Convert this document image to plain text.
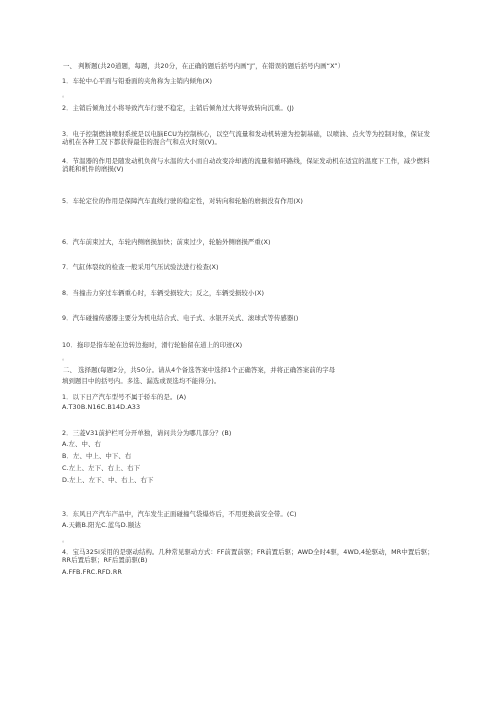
一、 判断题(共20道题，每题，共20分，在正确的题后括号内画“J”，在错误的题后括号内画“X”）
1．车轮中心平面与铅垂面的夹角称为主销内倾角(X)
。
2．主销后倾角过小将导致汽车行驶不稳定，主销后倾角过大将导致转向沉重。(J)
3．电子控制燃油喷射系统是以电脑ECU为控制核心，以空气流量和发动机转速为控制基础，以喷油、点火等为控制对象，保证发动机在各种工况下都获得最佳的混合气和点火时刻(V)。
4．节温器的作用是随发动机负荷与水温的大小而自动改变冷却液的流量和循环路线，保证发动机在适宜的温度下工作，减少燃料消耗和机件的磨损(V)
5．车轮定位的作用是保障汽车直线行驶的稳定性，对转向和轮胎的磨损没有作用(X)
6．汽车前束过大，车轮内侧磨损加快；前束过少，轮胎外侧磨损严重(X)
7．气缸体裂纹的检查一般采用气压试验法进行检查(X)
8．当撞击力穿过车辆重心时，车辆受损较大；反之，车辆受损较小(X)
9．汽车碰撞传感器主要分为机电结合式、电子式、水银开关式、滚球式等传感器()
10．拖印是指车轮在边转边拖时，滑行轮胎留在道上的印迹(X)
。
二、 选择题(每题2分，共50分。请从4个备选答案中选择1个正确答案，并将正确答案前的字母
填到题目中的括号内。多选、漏选或误选均不能得分)。
1．以下日产汽车型号不属于轿车的是。(A)
A.T30B.N16C.B14D.A33
2．三菱V31前护栏可分开单独，请问共分为哪几部分？(B)
A.左、中、右
B．左、中上、中下、右
C.左上、左下、右上、右下
D.左上、左下、中、右上、右下
3．东风日产汽车产品中，汽车发生正面碰撞气袋爆炸后，不用更换前安全带。(C)
A.天籁B.阳光C.蓝鸟D.颐达
。
4．宝马325i采用的是驱动结构。几种常见驱动方式：FF前置前驱；FR前置后驱；AWD全时4驱，4WD,4轮驱动，MR中置后驱；RR后置后驱；RF后置前驱(B)
A.FFB.FRC.RFD.RR
